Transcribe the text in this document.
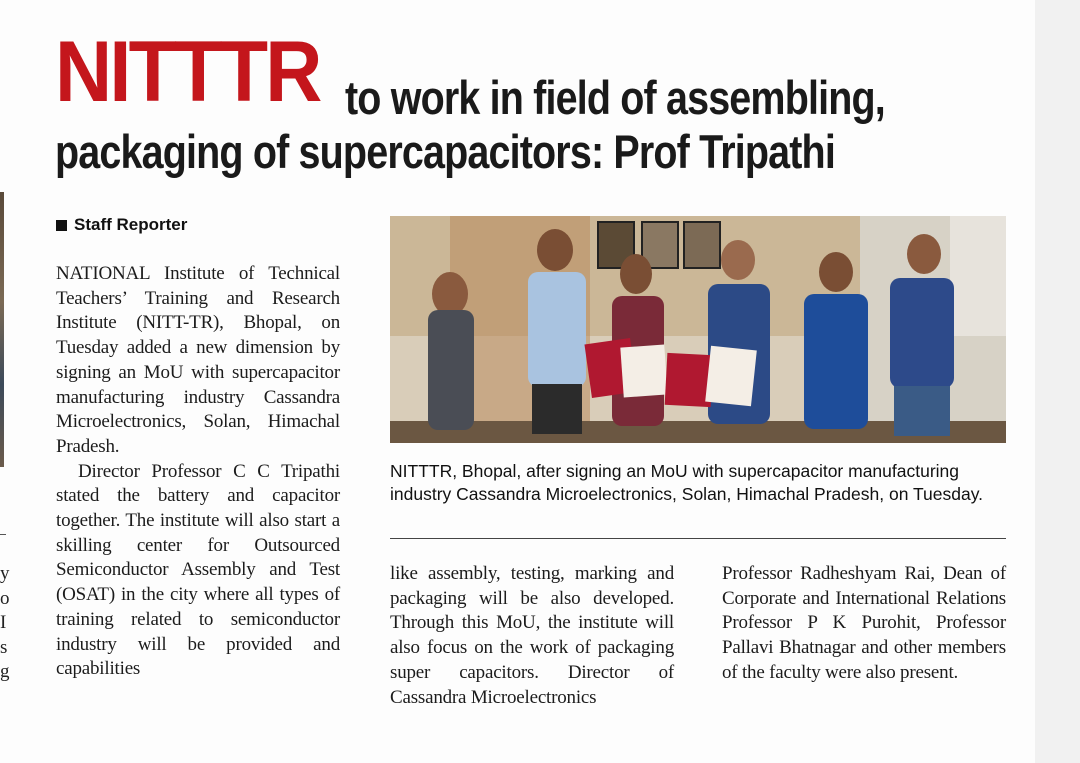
y
o
I
s
g
NITTTR to work in field of assembling,
packaging of supercapacitors: Prof Tripathi
Staff Reporter

NATIONAL Institute of Technical Teachers’ Training and Research Institute (NITT-TR), Bhopal, on Tuesday added a new dimension by signing an MoU with supercapacitor manufacturing industry Cassandra Microelectronics, Solan, Himachal Pradesh.

Director Professor C C Tripathi stated the battery and capacitor together. The institute will also start a skilling center for Outsourced Semiconductor Assembly and Test (OSAT) in the city where all types of training related to semiconductor industry will be provided and capabilities

NITTTR, Bhopal, after signing an MoU with supercapacitor manufacturing industry Cassandra Microelectronics, Solan, Himachal Pradesh, on Tuesday.

like assembly, testing, marking and packaging will be also developed. Through this MoU, the institute will also focus on the work of packaging super capacitors. Director of Cassandra Microelectronics

Professor Radheshyam Rai, Dean of Corporate and International Relations Professor P K Purohit, Professor Pallavi Bhatnagar and other members of the faculty were also present.
